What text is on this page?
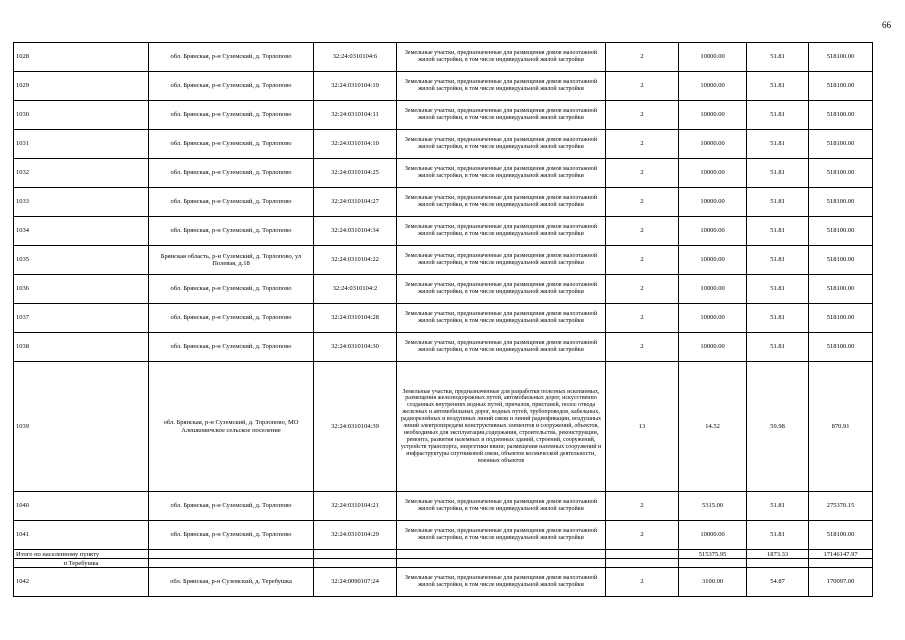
66
1028	обл. Брянская, р-н Суземский, д. Торлопово	32:24:0310104:6	Земельные участки, предназначенные для размещения домов малоэтажной жилой застройки, в том числе индивидуальной жилой застройки	2	10000.00	51.81	518100.00
1029	обл. Брянская, р-н Суземский, д. Торлопово	32:24:0310104:19	Земельные участки, предназначенные для размещения домов малоэтажной жилой застройки, в том числе индивидуальной жилой застройки	2	10000.00	51.81	518100.00
1030	обл. Брянская, р-н Суземский, д. Торлопово	32:24:0310104:11	Земельные участки, предназначенные для размещения домов малоэтажной жилой застройки, в том числе индивидуальной жилой застройки	2	10000.00	51.81	518100.00
1031	обл. Брянская, р-н Суземский, д. Торлопово	32:24:0310104:10	Земельные участки, предназначенные для размещения домов малоэтажной жилой застройки, в том числе индивидуальной жилой застройки	2	10000.00	51.81	518100.00
1032	обл. Брянская, р-н Суземский, д. Торлопово	32:24:0310104:25	Земельные участки, предназначенные для размещения домов малоэтажной жилой застройки, в том числе индивидуальной жилой застройки	2	10000.00	51.81	518100.00
1033	обл. Брянская, р-н Суземский, д. Торлопово	32:24:0310104:27	Земельные участки, предназначенные для размещения домов малоэтажной жилой застройки, в том числе индивидуальной жилой застройки	2	10000.00	51.81	518100.00
1034	обл. Брянская, р-н Суземский, д. Торлопово	32:24:0310104:34	Земельные участки, предназначенные для размещения домов малоэтажной жилой застройки, в том числе индивидуальной жилой застройки	2	10000.00	51.81	518100.00
1035	Брянская область, р-н Суземский, д. Торлопово, ул Полевая, д.18	32:24:0310104:22	Земельные участки, предназначенные для размещения домов малоэтажной жилой застройки, в том числе индивидуальной жилой застройки	2	10000.00	51.81	518100.00
1036	обл. Брянская, р-н Суземский, д. Торлопово	32:24:0310104:2	Земельные участки, предназначенные для размещения домов малоэтажной жилой застройки, в том числе индивидуальной жилой застройки	2	10000.00	51.81	518100.00
1037	обл. Брянская, р-н Суземский, д. Торлопово	32:24:0310104:28	Земельные участки, предназначенные для размещения домов малоэтажной жилой застройки, в том числе индивидуальной жилой застройки	2	10000.00	51.81	518100.00
1038	обл. Брянская, р-н Суземский, д. Торлопово	32:24:0310104:30	Земельные участки, предназначенные для размещения домов малоэтажной жилой застройки, в том числе индивидуальной жилой застройки	2	10000.00	51.81	518100.00
1039	обл. Брянская, р-н Суземский, д. Торлопово, МО Алешковичское сельское поселение	32:24:0310104:39	Земельные участки, предназначенные для разработки полезных ископаемых, размещения железнодорожных путей, автомобильных дорог, искусственно созданных внутренних водных путей, причалов, пристаней, полос отвода железных и автомобильных дорог, водных путей, трубопроводов, кабельных, радиорелейных и воздушных линий связи и линий радиофикации, воздушных линий электропередачи конструктивных элементов и сооружений, объектов, необходимых для эксплуатации,содержания, строительства, реконструкции, ремонта, развития наземных и подземных зданий, строений, сооружений, устройств транспорта, энергетики ввязи; размещения наземных сооружений и инфраструктуры спутниковой связи, объектов космической деятельности, военных объектов	13	14.52	59.98	870.91
1040	обл. Брянская, р-н Суземский, д. Торлопово	32:24:0310104:21	Земельные участки, предназначенные для размещения домов малоэтажной жилой застройки, в том числе индивидуальной жилой застройки	2	5315.00	51.81	275370.15
1041	обл. Брянская, р-н Суземский, д. Торлопово	32:24:0310104:29	Земельные участки, предназначенные для размещения домов малоэтажной жилой застройки, в том числе индивидуальной жилой застройки	2	10000.00	51.81	518100.00
Итого по населенному пункту					515375.95	1873.33	17146147.97
п Теребушка							
1042	обл. Брянская, р-н Суземский, д. Теребушка	32:24:0090107:24	Земельные участки, предназначенные для размещения домов малоэтажной жилой застройки, в том числе индивидуальной жилой застройки	2	3100.00	54.87	170097.00
